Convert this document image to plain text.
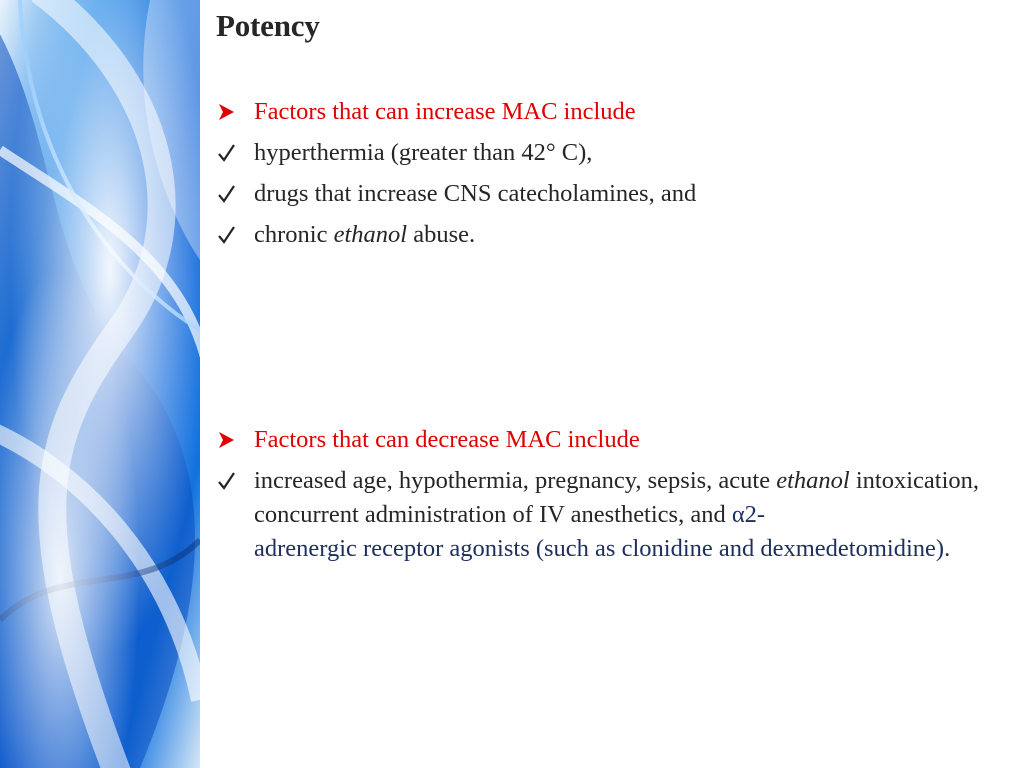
Potency
Factors that can increase MAC include
hyperthermia (greater than 42° C),
drugs that increase CNS catecholamines, and
chronic ethanol abuse.
Factors that can decrease MAC include
increased age, hypothermia, pregnancy, sepsis, acute ethanol intoxication, concurrent administration of IV anesthetics, and α2-
adrenergic receptor agonists (such as clonidine and dexmedetomidine).
